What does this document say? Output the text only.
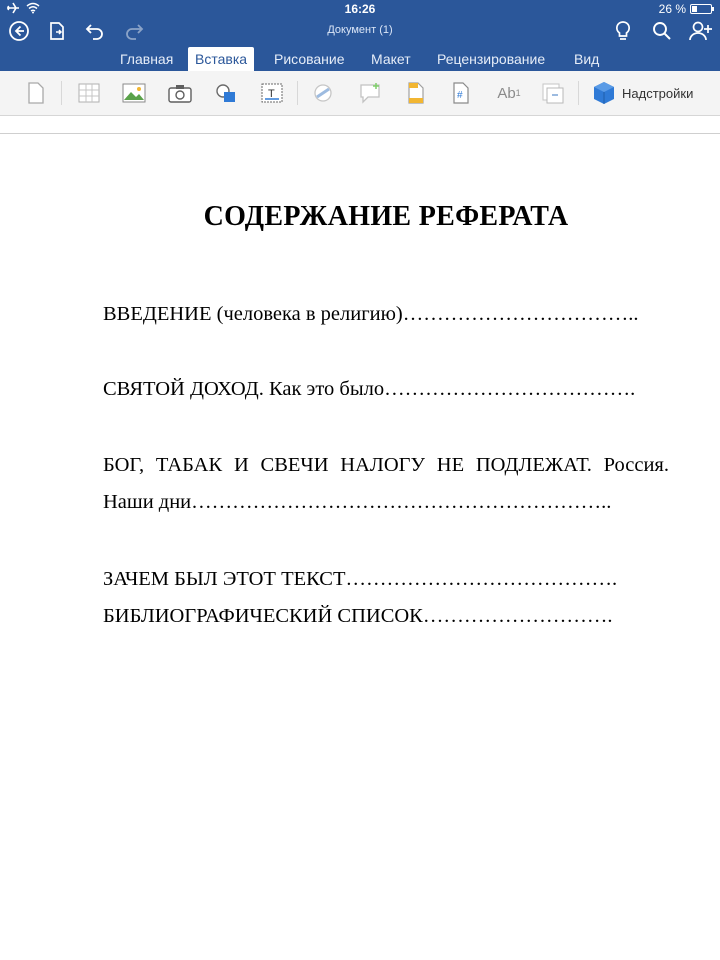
16:26	26 %
Документ (1)
Главная	Вставка	Рисование	Макет	Рецензирование	Вид
T	# Ab 1	Надстройки
СОДЕРЖАНИЕ РЕФЕРАТА
ВВЕДЕНИЕ (человека в религию)……………………………..
СВЯТОЙ ДОХОД. Как это было……………………………….
БОГ, ТАБАК И СВЕЧИ НАЛОГУ НЕ ПОДЛЕЖАТ. Россия. Наши дни……………………………………………………..
ЗАЧЕМ БЫЛ ЭТОТ ТЕКСТ………………………………….
БИБЛИОГРАФИЧЕСКИЙ СПИСОК……………………….
